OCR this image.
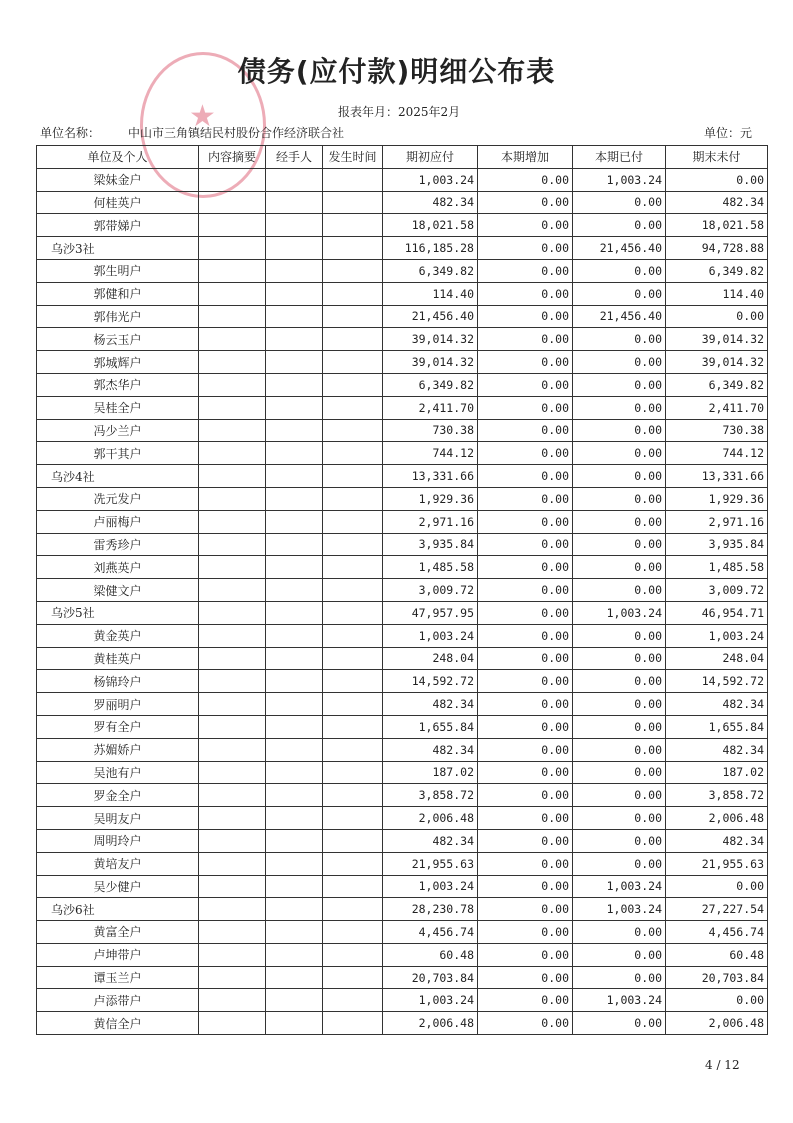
★
债务(应付款)明细公布表
报表年月：2025年2月
单位名称： 中山市三角镇结民村股份合作经济联合社	单位：元
单位及个人	内容摘要	经手人	发生时间	期初应付	本期增加	本期已付	期末未付
梁妹金户				1,003.24	0.00	1,003.24	0.00
何桂英户				482.34	0.00	0.00	482.34
郭带娣户				18,021.58	0.00	0.00	18,021.58
乌沙3社				116,185.28	0.00	21,456.40	94,728.88
郭生明户				6,349.82	0.00	0.00	6,349.82
郭健和户				114.40	0.00	0.00	114.40
郭伟光户				21,456.40	0.00	21,456.40	0.00
杨云玉户				39,014.32	0.00	0.00	39,014.32
郭城辉户				39,014.32	0.00	0.00	39,014.32
郭杰华户				6,349.82	0.00	0.00	6,349.82
吴桂全户				2,411.70	0.00	0.00	2,411.70
冯少兰户				730.38	0.00	0.00	730.38
郭干其户				744.12	0.00	0.00	744.12
乌沙4社				13,331.66	0.00	0.00	13,331.66
冼元发户				1,929.36	0.00	0.00	1,929.36
卢丽梅户				2,971.16	0.00	0.00	2,971.16
雷秀珍户				3,935.84	0.00	0.00	3,935.84
刘燕英户				1,485.58	0.00	0.00	1,485.58
梁健文户				3,009.72	0.00	0.00	3,009.72
乌沙5社				47,957.95	0.00	1,003.24	46,954.71
黄金英户				1,003.24	0.00	0.00	1,003.24
黄桂英户				248.04	0.00	0.00	248.04
杨锦玲户				14,592.72	0.00	0.00	14,592.72
罗丽明户				482.34	0.00	0.00	482.34
罗有全户				1,655.84	0.00	0.00	1,655.84
苏媚娇户				482.34	0.00	0.00	482.34
吴池有户				187.02	0.00	0.00	187.02
罗金全户				3,858.72	0.00	0.00	3,858.72
吴明友户				2,006.48	0.00	0.00	2,006.48
周明玲户				482.34	0.00	0.00	482.34
黄培友户				21,955.63	0.00	0.00	21,955.63
吴少健户				1,003.24	0.00	1,003.24	0.00
乌沙6社				28,230.78	0.00	1,003.24	27,227.54
黄富全户				4,456.74	0.00	0.00	4,456.74
卢坤带户				60.48	0.00	0.00	60.48
谭玉兰户				20,703.84	0.00	0.00	20,703.84
卢添带户				1,003.24	0.00	1,003.24	0.00
黄信全户				2,006.48	0.00	0.00	2,006.48
4 / 12
